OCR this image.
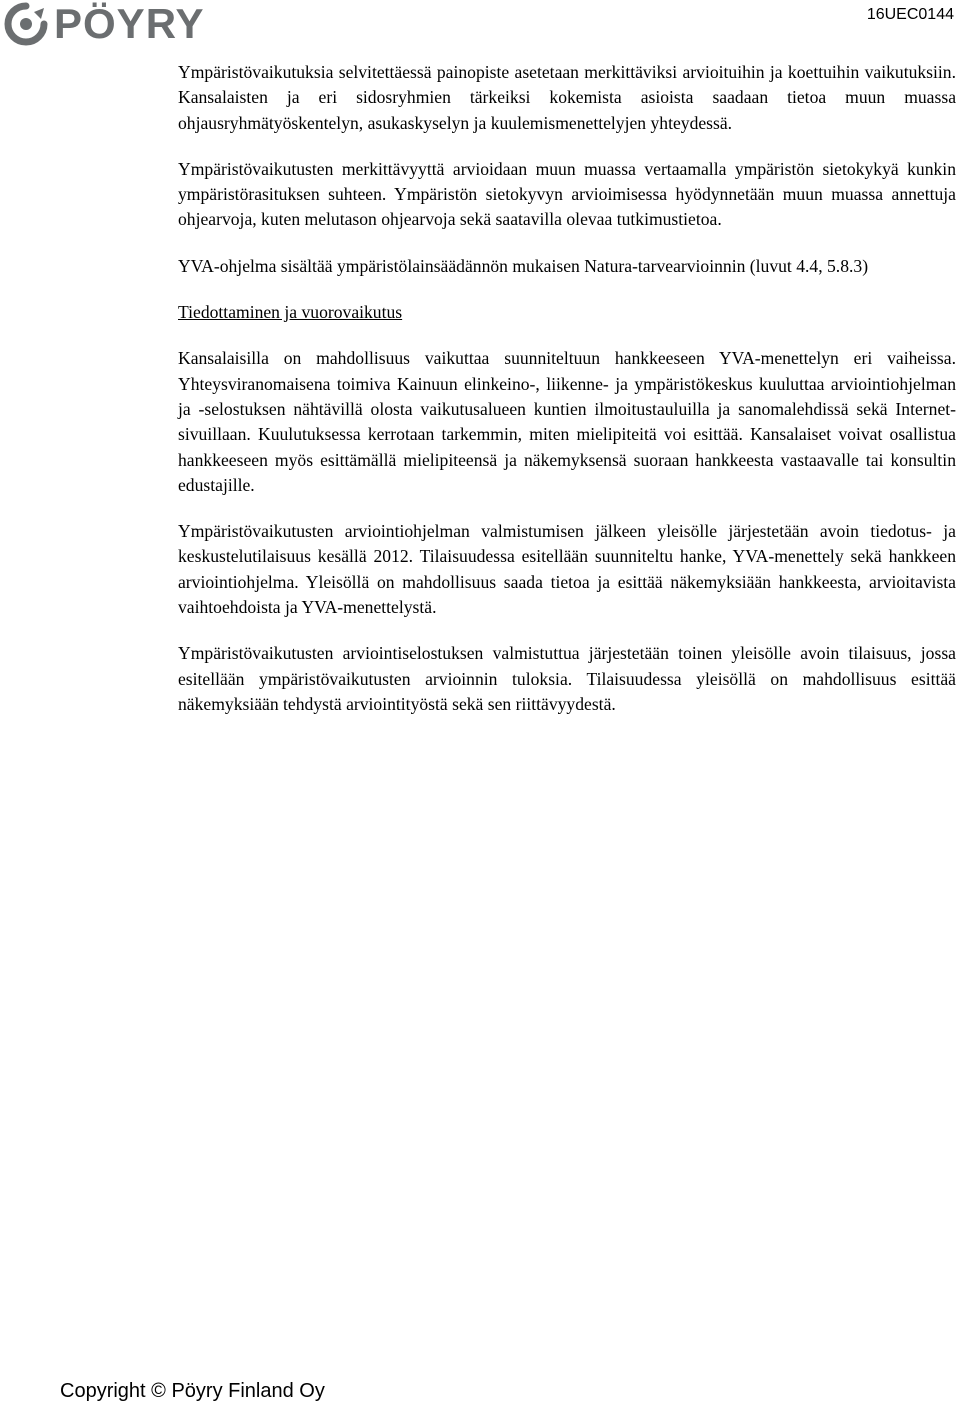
PÖYRY	16UEC0144

Ympäristövaikutuksia selvitettäessä painopiste asetetaan merkittäviksi arvioituihin ja koettuihin vaikutuksiin. Kansalaisten ja eri sidosryhmien tärkeiksi kokemista asioista saadaan tietoa muun muassa ohjausryhmätyöskentelyn, asukaskyselyn ja kuulemismenettelyjen yhteydessä.

Ympäristövaikutusten merkittävyyttä arvioidaan muun muassa vertaamalla ympäristön sietokykyä kunkin ympäristörasituksen suhteen. Ympäristön sietokyvyn arvioimisessa hyödynnetään muun muassa annettuja ohjearvoja, kuten melutason ohjearvoja sekä saatavilla olevaa tutkimustietoa.

YVA-ohjelma sisältää ympäristölainsäädännön mukaisen Natura-tarvearvioinnin (luvut 4.4, 5.8.3)

Tiedottaminen ja vuorovaikutus

Kansalaisilla on mahdollisuus vaikuttaa suunniteltuun hankkeeseen YVA-menettelyn eri vaiheissa. Yhteysviranomaisena toimiva Kainuun elinkeino-, liikenne- ja ympäristökeskus kuuluttaa arviointiohjelman ja -selostuksen nähtävillä olosta vaikutusalueen kuntien ilmoitustauluilla ja sanomalehdissä sekä Internet-sivuillaan. Kuulutuksessa kerrotaan tarkemmin, miten mielipiteitä voi esittää. Kansalaiset voivat osallistua hankkeeseen myös esittämällä mielipiteensä ja näkemyksensä suoraan hankkeesta vastaavalle tai konsultin edustajille.

Ympäristövaikutusten arviointiohjelman valmistumisen jälkeen yleisölle järjestetään avoin tiedotus- ja keskustelutilaisuus kesällä 2012. Tilaisuudessa esitellään suunniteltu hanke, YVA-menettely sekä hankkeen arviointiohjelma. Yleisöllä on mahdollisuus saada tietoa ja esittää näkemyksiään hankkeesta, arvioitavista vaihtoehdoista ja YVA-menettelystä.

Ympäristövaikutusten arviointiselostuksen valmistuttua järjestetään toinen yleisölle avoin tilaisuus, jossa esitellään ympäristövaikutusten arvioinnin tuloksia. Tilaisuudessa yleisöllä on mahdollisuus esittää näkemyksiään tehdystä arviointityöstä sekä sen riittävyydestä.

Copyright © Pöyry Finland Oy
